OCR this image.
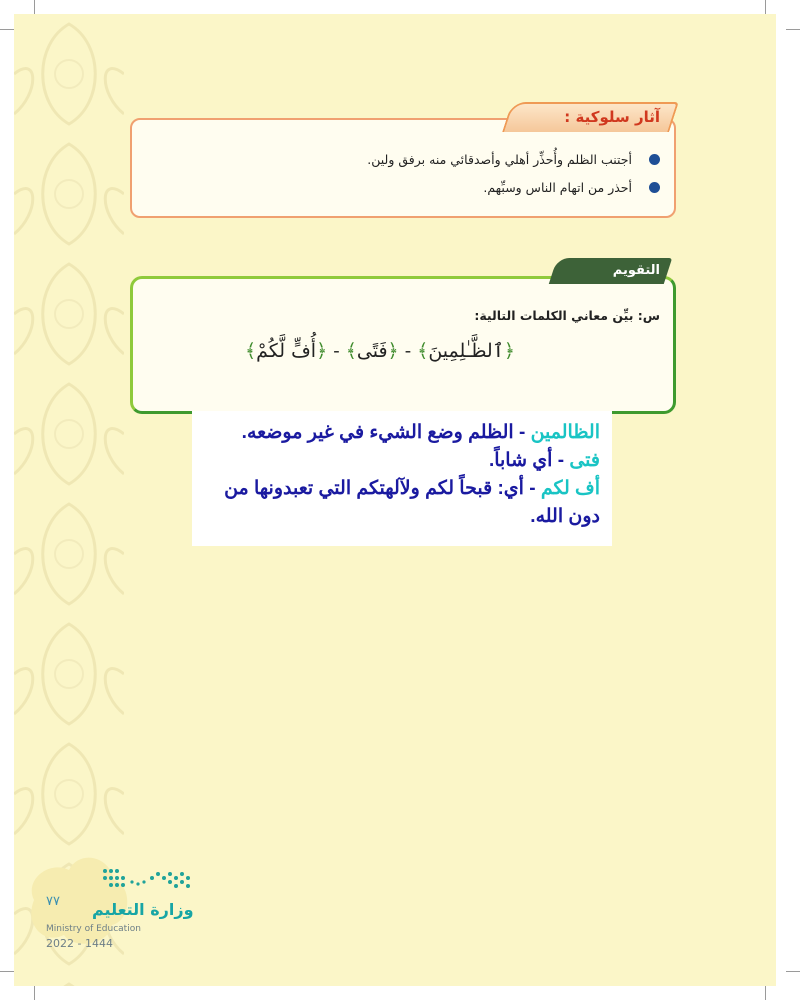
آثار سلوكية :
أجتنب الظلم وأُحذِّر أهلي وأصدقائي منه برفق ولين.
أحذر من اتهام الناس وسبِّهم.
التقويم
س: بيِّن معاني الكلمات التالية:
﴿ٱلظَّـٰلِمِينَ﴾ - ﴿فَتًى﴾ - ﴿أُفٍّ لَّكُمْ﴾
الظالمين - الظلم وضع الشيء في غير موضعه.
فتى - أي شاباً.
أف لكم - أي: قبحاً لكم ولآلهتكم التي تعبدونها من
دون الله.
٧٧ وزارة التعليم
Ministry of Education
2022 - 1444
